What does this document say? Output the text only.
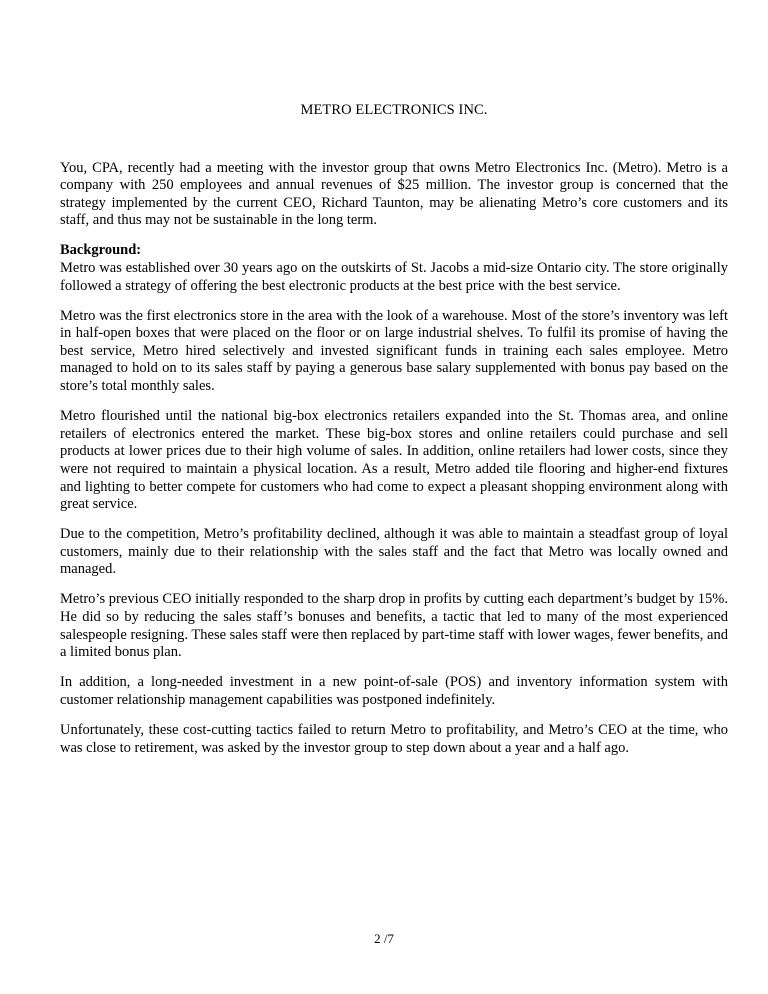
METRO ELECTRONICS INC.

You, CPA, recently had a meeting with the investor group that owns Metro Electronics Inc. (Metro). Metro is a company with 250 employees and annual revenues of $25 million. The investor group is concerned that the strategy implemented by the current CEO, Richard Taunton, may be alienating Metro’s core customers and its staff, and thus may not be sustainable in the long term.

Background:

Metro was established over 30 years ago on the outskirts of St. Jacobs a mid-size Ontario city. The store originally followed a strategy of offering the best electronic products at the best price with the best service.

Metro was the first electronics store in the area with the look of a warehouse. Most of the store’s inventory was left in half-open boxes that were placed on the floor or on large industrial shelves. To fulfil its promise of having the best service, Metro hired selectively and invested significant funds in training each sales employee. Metro managed to hold on to its sales staff by paying a generous base salary supplemented with bonus pay based on the store’s total monthly sales.

Metro flourished until the national big-box electronics retailers expanded into the St. Thomas area, and online retailers of electronics entered the market. These big-box stores and online retailers could purchase and sell products at lower prices due to their high volume of sales. In addition, online retailers had lower costs, since they were not required to maintain a physical location. As a result, Metro added tile flooring and higher-end fixtures and lighting to better compete for customers who had come to expect a pleasant shopping environment along with great service.

Due to the competition, Metro’s profitability declined, although it was able to maintain a steadfast group of loyal customers, mainly due to their relationship with the sales staff and the fact that Metro was locally owned and managed.

Metro’s previous CEO initially responded to the sharp drop in profits by cutting each department’s budget by 15%. He did so by reducing the sales staff’s bonuses and benefits, a tactic that led to many of the most experienced salespeople resigning. These sales staff were then replaced by part-time staff with lower wages, fewer benefits, and a limited bonus plan.

In addition, a long-needed investment in a new point-of-sale (POS) and inventory information system with customer relationship management capabilities was postponed indefinitely.

Unfortunately, these cost-cutting tactics failed to return Metro to profitability, and Metro’s CEO at the time, who was close to retirement, was asked by the investor group to step down about a year and a half ago.

2 /7
